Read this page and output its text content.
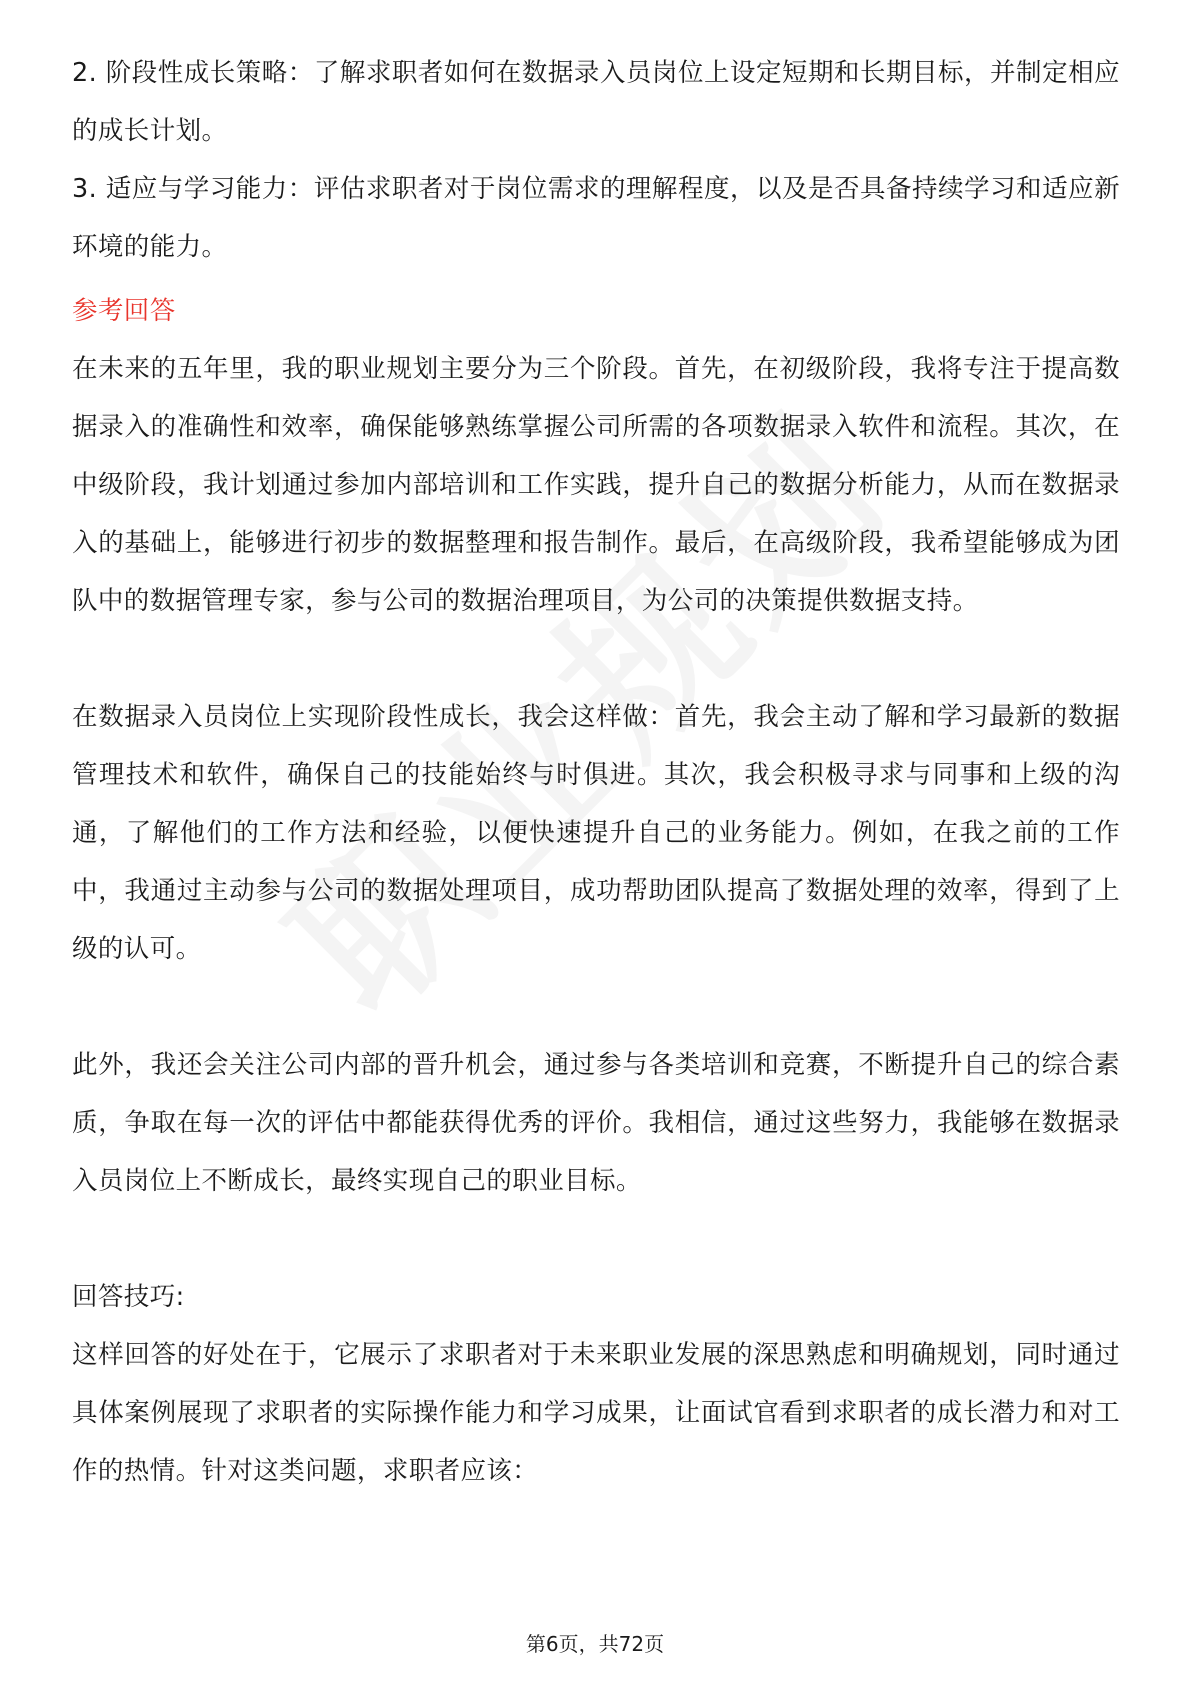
2. 阶段性成长策略：了解求职者如何在数据录入员岗位上设定短期和长期目标，并制定相应的成长计划。

3. 适应与学习能力：评估求职者对于岗位需求的理解程度，以及是否具备持续学习和适应新环境的能力。

参考回答

在未来的五年里，我的职业规划主要分为三个阶段。首先，在初级阶段，我将专注于提高数据录入的准确性和效率，确保能够熟练掌握公司所需的各项数据录入软件和流程。其次，在中级阶段，我计划通过参加内部培训和工作实践，提升自己的数据分析能力，从而在数据录入的基础上，能够进行初步的数据整理和报告制作。最后，在高级阶段，我希望能够成为团队中的数据管理专家，参与公司的数据治理项目，为公司的决策提供数据支持。

在数据录入员岗位上实现阶段性成长，我会这样做：首先，我会主动了解和学习最新的数据管理技术和软件，确保自己的技能始终与时俱进。其次，我会积极寻求与同事和上级的沟通，了解他们的工作方法和经验，以便快速提升自己的业务能力。例如，在我之前的工作中，我通过主动参与公司的数据处理项目，成功帮助团队提高了数据处理的效率，得到了上级的认可。

此外，我还会关注公司内部的晋升机会，通过参与各类培训和竞赛，不断提升自己的综合素质，争取在每一次的评估中都能获得优秀的评价。我相信，通过这些努力，我能够在数据录入员岗位上不断成长，最终实现自己的职业目标。

回答技巧:

这样回答的好处在于，它展示了求职者对于未来职业发展的深思熟虑和明确规划，同时通过具体案例展现了求职者的实际操作能力和学习成果，让面试官看到求职者的成长潜力和对工作的热情。针对这类问题，求职者应该：

第6页，共72页
